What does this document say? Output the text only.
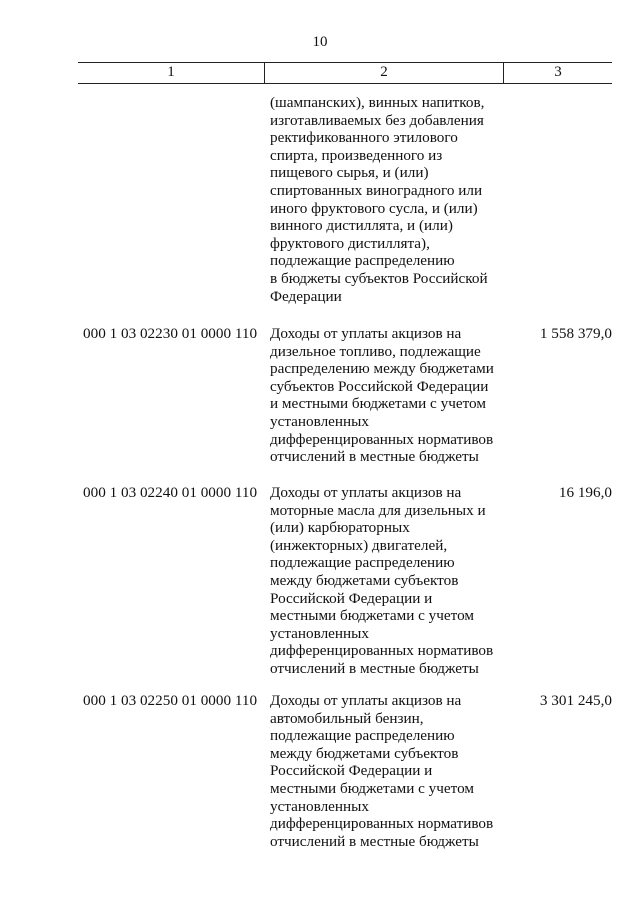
10
1	2	3
(шампанских), винных напитков,
изготавливаемых без добавления
ректификованного этилового
спирта, произведенного из
пищевого сырья, и (или)
спиртованных виноградного или
иного фруктового сусла, и (или)
винного дистиллята, и (или)
фруктового дистиллята),
подлежащие распределению
в бюджеты субъектов Российской
Федерации
000 1 03 02230 01 0000 110 Доходы от уплаты акцизов на
дизельное топливо, подлежащие
распределению между бюджетами
субъектов Российской Федерации
и местными бюджетами с учетом
установленных
дифференцированных нормативов
отчислений в местные бюджеты
1 558 379,0
000 1 03 02240 01 0000 110 Доходы от уплаты акцизов на
моторные масла для дизельных и
(или) карбюраторных
(инжекторных) двигателей,
подлежащие распределению
между бюджетами субъектов
Российской Федерации и
местными бюджетами с учетом
установленных
дифференцированных нормативов
отчислений в местные бюджеты
16 196,0
000 1 03 02250 01 0000 110 Доходы от уплаты акцизов на
автомобильный бензин,
подлежащие распределению
между бюджетами субъектов
Российской Федерации и
местными бюджетами с учетом
установленных
дифференцированных нормативов
отчислений в местные бюджеты
3 301 245,0
